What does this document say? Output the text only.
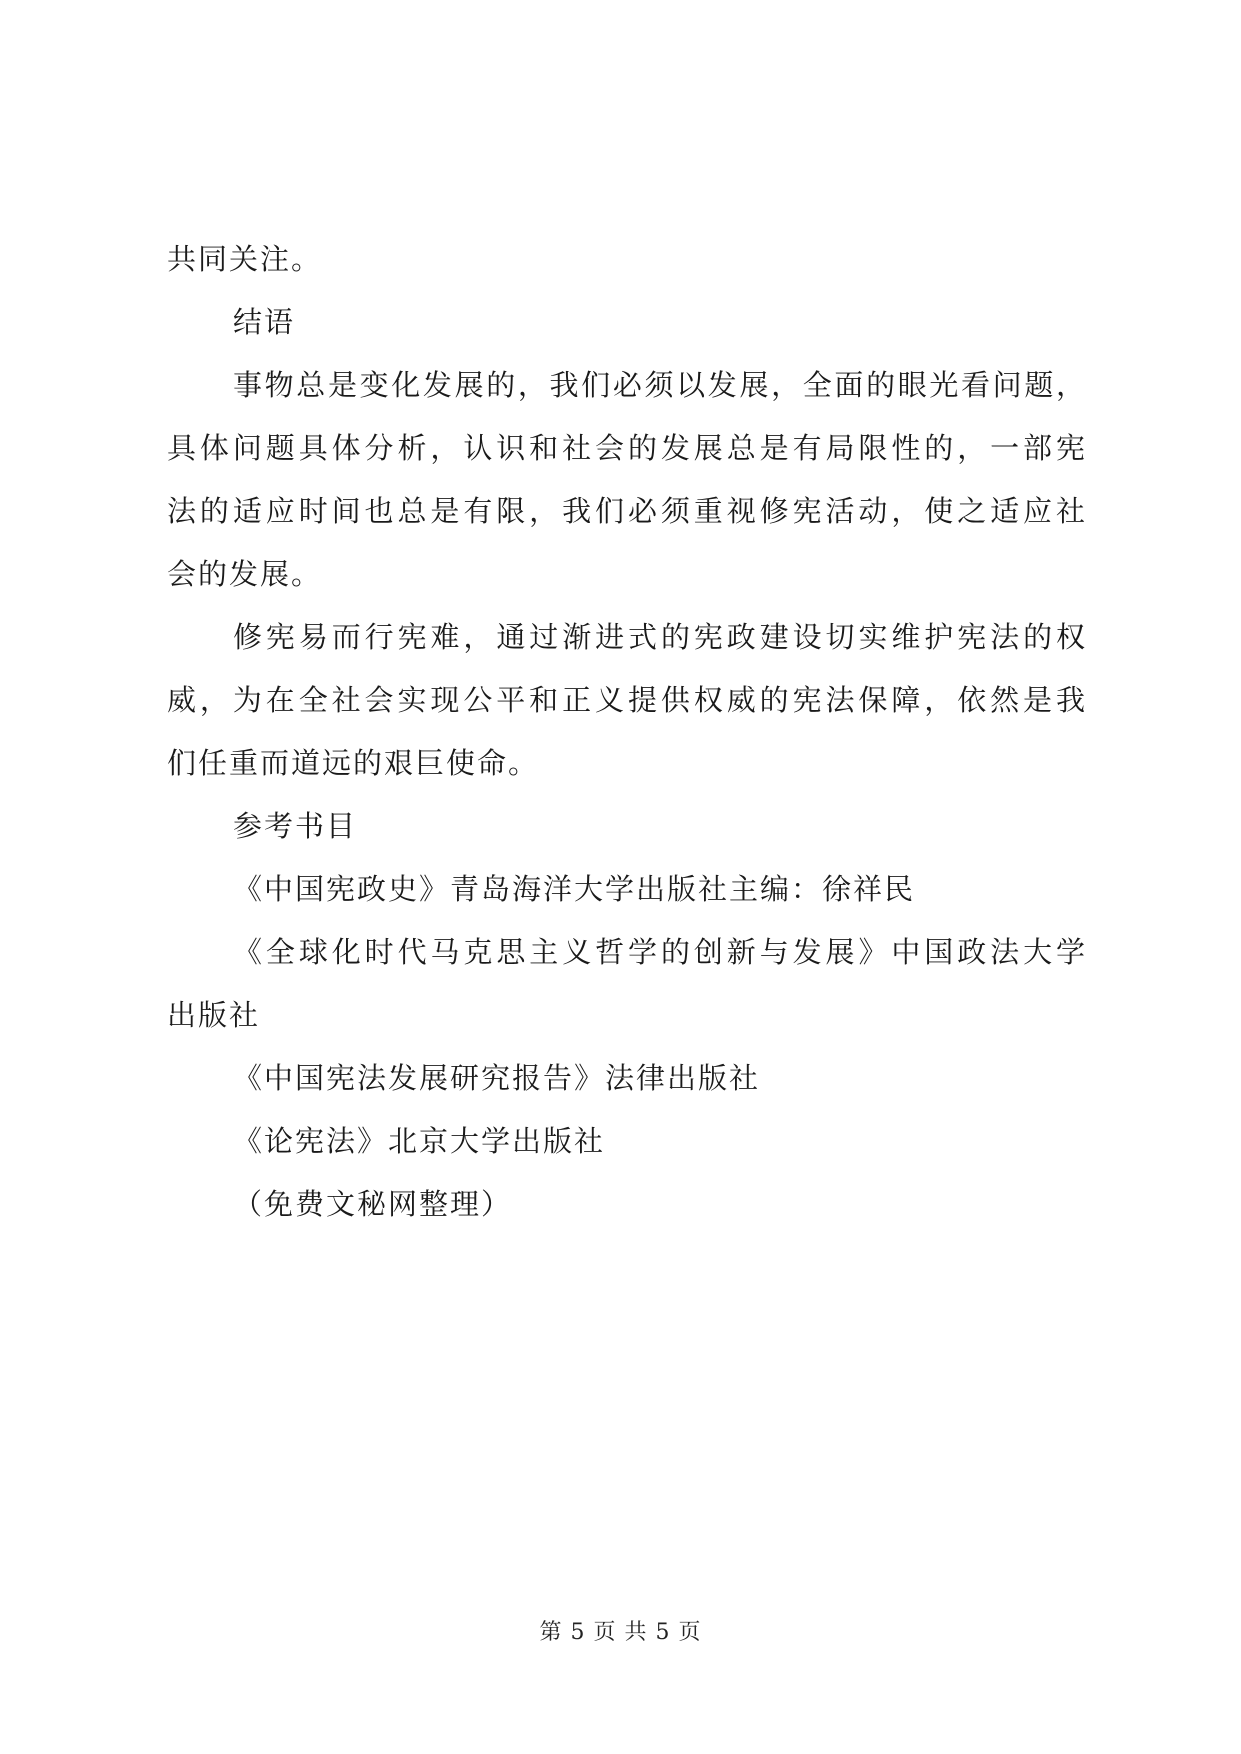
共同关注。
结语
事物总是变化发展的，我们必须以发展，全面的眼光看问题，
具体问题具体分析，认识和社会的发展总是有局限性的，一部宪
法的适应时间也总是有限，我们必须重视修宪活动，使之适应社
会的发展。
修宪易而行宪难，通过渐进式的宪政建设切实维护宪法的权
威，为在全社会实现公平和正义提供权威的宪法保障，依然是我
们任重而道远的艰巨使命。
参考书目
《中国宪政史》青岛海洋大学出版社主编：徐祥民
《全球化时代马克思主义哲学的创新与发展》中国政法大学
出版社
《中国宪法发展研究报告》法律出版社
《论宪法》北京大学出版社
（免费文秘网整理）
第 5 页 共 5 页
